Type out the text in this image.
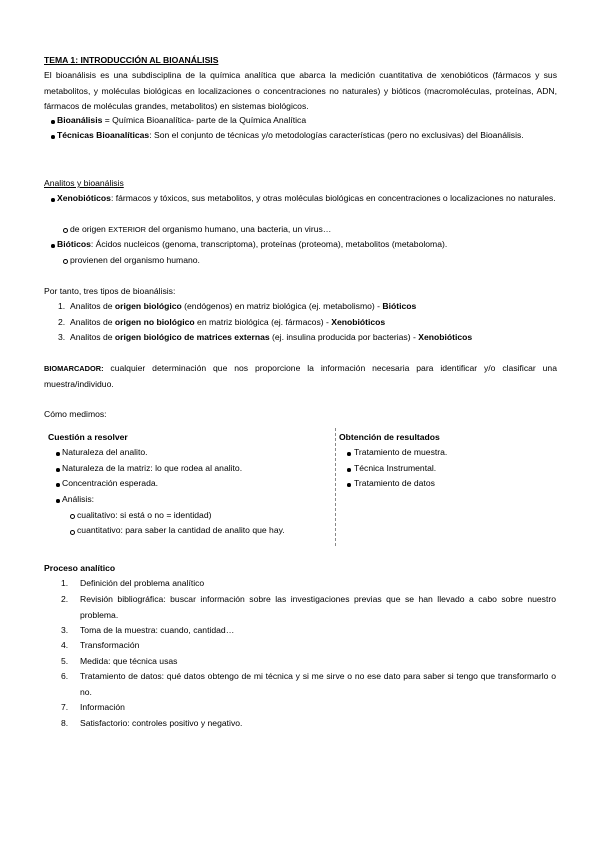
TEMA 1: INTRODUCCIÓN AL BIOANÁLISIS
El bioanálisis es una subdisciplina de la química analítica que abarca la medición cuantitativa de xenobióticos (fármacos y sus metabolitos, y moléculas biológicas en localizaciones o concentraciones no naturales) y bióticos (macromoléculas, proteínas, ADN, fármacos de moléculas grandes, metabolitos) en sistemas biológicos.
Bioanálisis = Química Bioanalítica- parte de la Química Analítica
Técnicas Bioanalíticas: Son el conjunto de técnicas y/o metodologías características (pero no exclusivas) del Bioanálisis.
Analitos y bioanálisis
Xenobióticos: fármacos y tóxicos, sus metabolitos, y otras moléculas biológicas en concentraciones o localizaciones no naturales.
de origen EXTERIOR del organismo humano, una bacteria, un virus…
Bióticos: Ácidos nucleicos (genoma, transcriptoma), proteínas (proteoma), metabolitos (metaboloma).
provienen del organismo humano.
Por tanto, tres tipos de bioanálisis:
1. Analitos de origen biológico (endógenos) en matriz biológica (ej. metabolismo) - Bióticos
2. Analitos de origen no biológico en matriz biológica (ej. fármacos) - Xenobióticos
3. Analitos de origen biológico de matrices externas (ej. insulina producida por bacterias) - Xenobióticos
BIOMARCADOR: cualquier determinación que nos proporcione la información necesaria para identificar y/o clasificar una muestra/individuo.
Cómo medimos:
Cuestión a resolver
Naturaleza del analito.
Naturaleza de la matriz: lo que rodea al analito.
Concentración esperada.
Análisis:
cualitativo: si está o no = identidad)
cuantitativo: para saber la cantidad de analito que hay.
Obtención de resultados
Tratamiento de muestra.
Técnica Instrumental.
Tratamiento de datos
Proceso analítico
1. Definición del problema analítico
2. Revisión bibliográfica: buscar información sobre las investigaciones previas que se han llevado a cabo sobre nuestro problema.
3. Toma de la muestra: cuando, cantidad…
4. Transformación
5. Medida: que técnica usas
6. Tratamiento de datos: qué datos obtengo de mi técnica y si me sirve o no ese dato para saber si tengo que transformarlo o no.
7. Información
8. Satisfactorio: controles positivo y negativo.
